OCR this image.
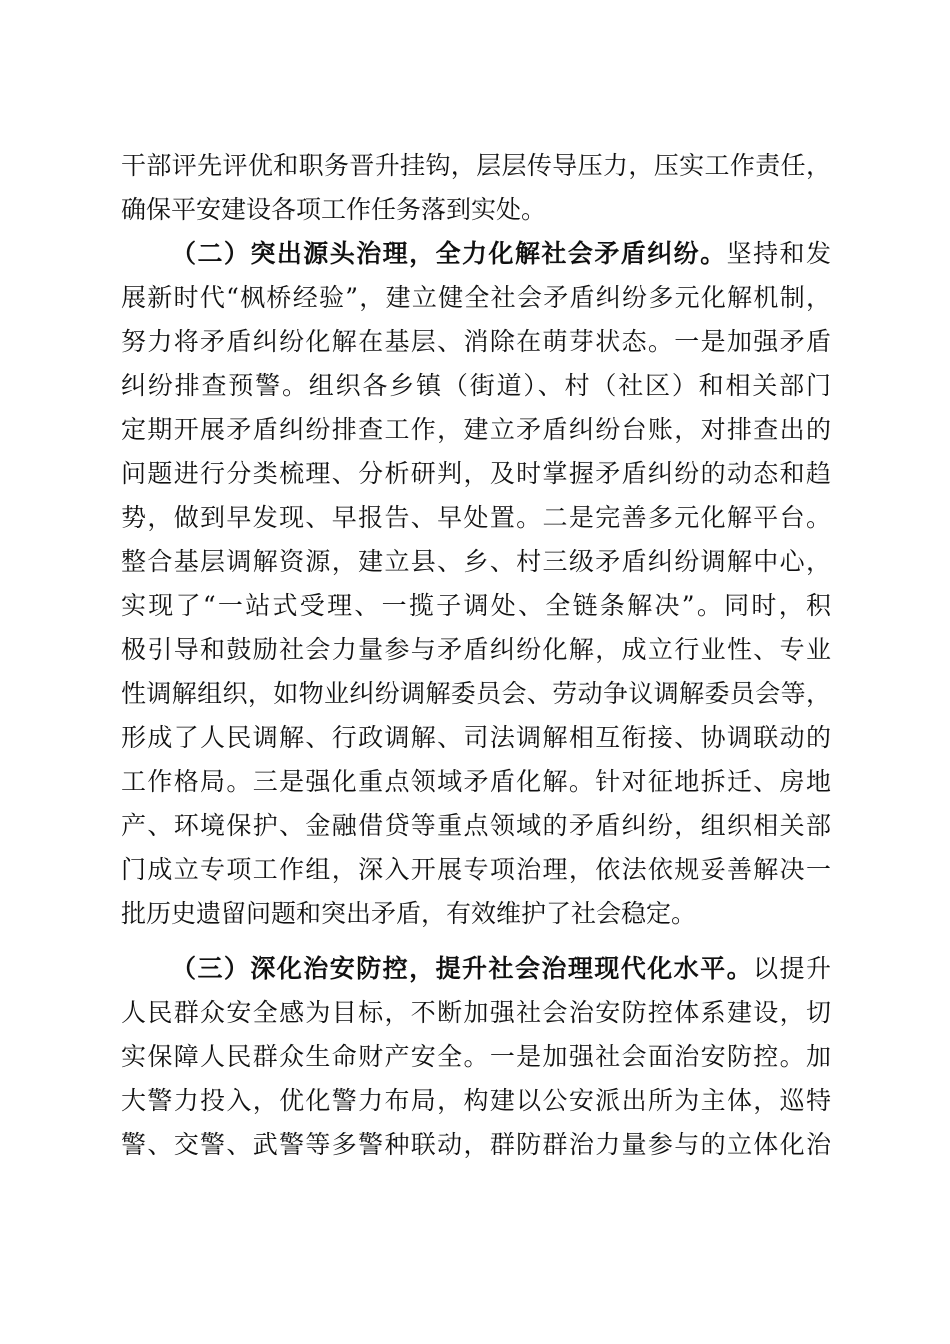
干部评先评优和职务晋升挂钩，层层传导压力，压实工作责任，
确保平安建设各项工作任务落到实处。
（二）突出源头治理，全力化解社会矛盾纠纷。坚持和发
展新时代“枫桥经验”，建立健全社会矛盾纠纷多元化解机制，
努力将矛盾纠纷化解在基层、消除在萌芽状态。一是加强矛盾
纠纷排查预警。组织各乡镇（街道）、村（社区）和相关部门
定期开展矛盾纠纷排查工作，建立矛盾纠纷台账，对排查出的
问题进行分类梳理、分析研判，及时掌握矛盾纠纷的动态和趋
势，做到早发现、早报告、早处置。二是完善多元化解平台。
整合基层调解资源，建立县、乡、村三级矛盾纠纷调解中心，
实现了“一站式受理、一揽子调处、全链条解决”。同时，积
极引导和鼓励社会力量参与矛盾纠纷化解，成立行业性、专业
性调解组织，如物业纠纷调解委员会、劳动争议调解委员会等，
形成了人民调解、行政调解、司法调解相互衔接、协调联动的
工作格局。三是强化重点领域矛盾化解。针对征地拆迁、房地
产、环境保护、金融借贷等重点领域的矛盾纠纷，组织相关部
门成立专项工作组，深入开展专项治理，依法依规妥善解决一
批历史遗留问题和突出矛盾，有效维护了社会稳定。
（三）深化治安防控，提升社会治理现代化水平。以提升
人民群众安全感为目标，不断加强社会治安防控体系建设，切
实保障人民群众生命财产安全。一是加强社会面治安防控。加
大警力投入，优化警力布局，构建以公安派出所为主体，巡特
警、交警、武警等多警种联动，群防群治力量参与的立体化治
